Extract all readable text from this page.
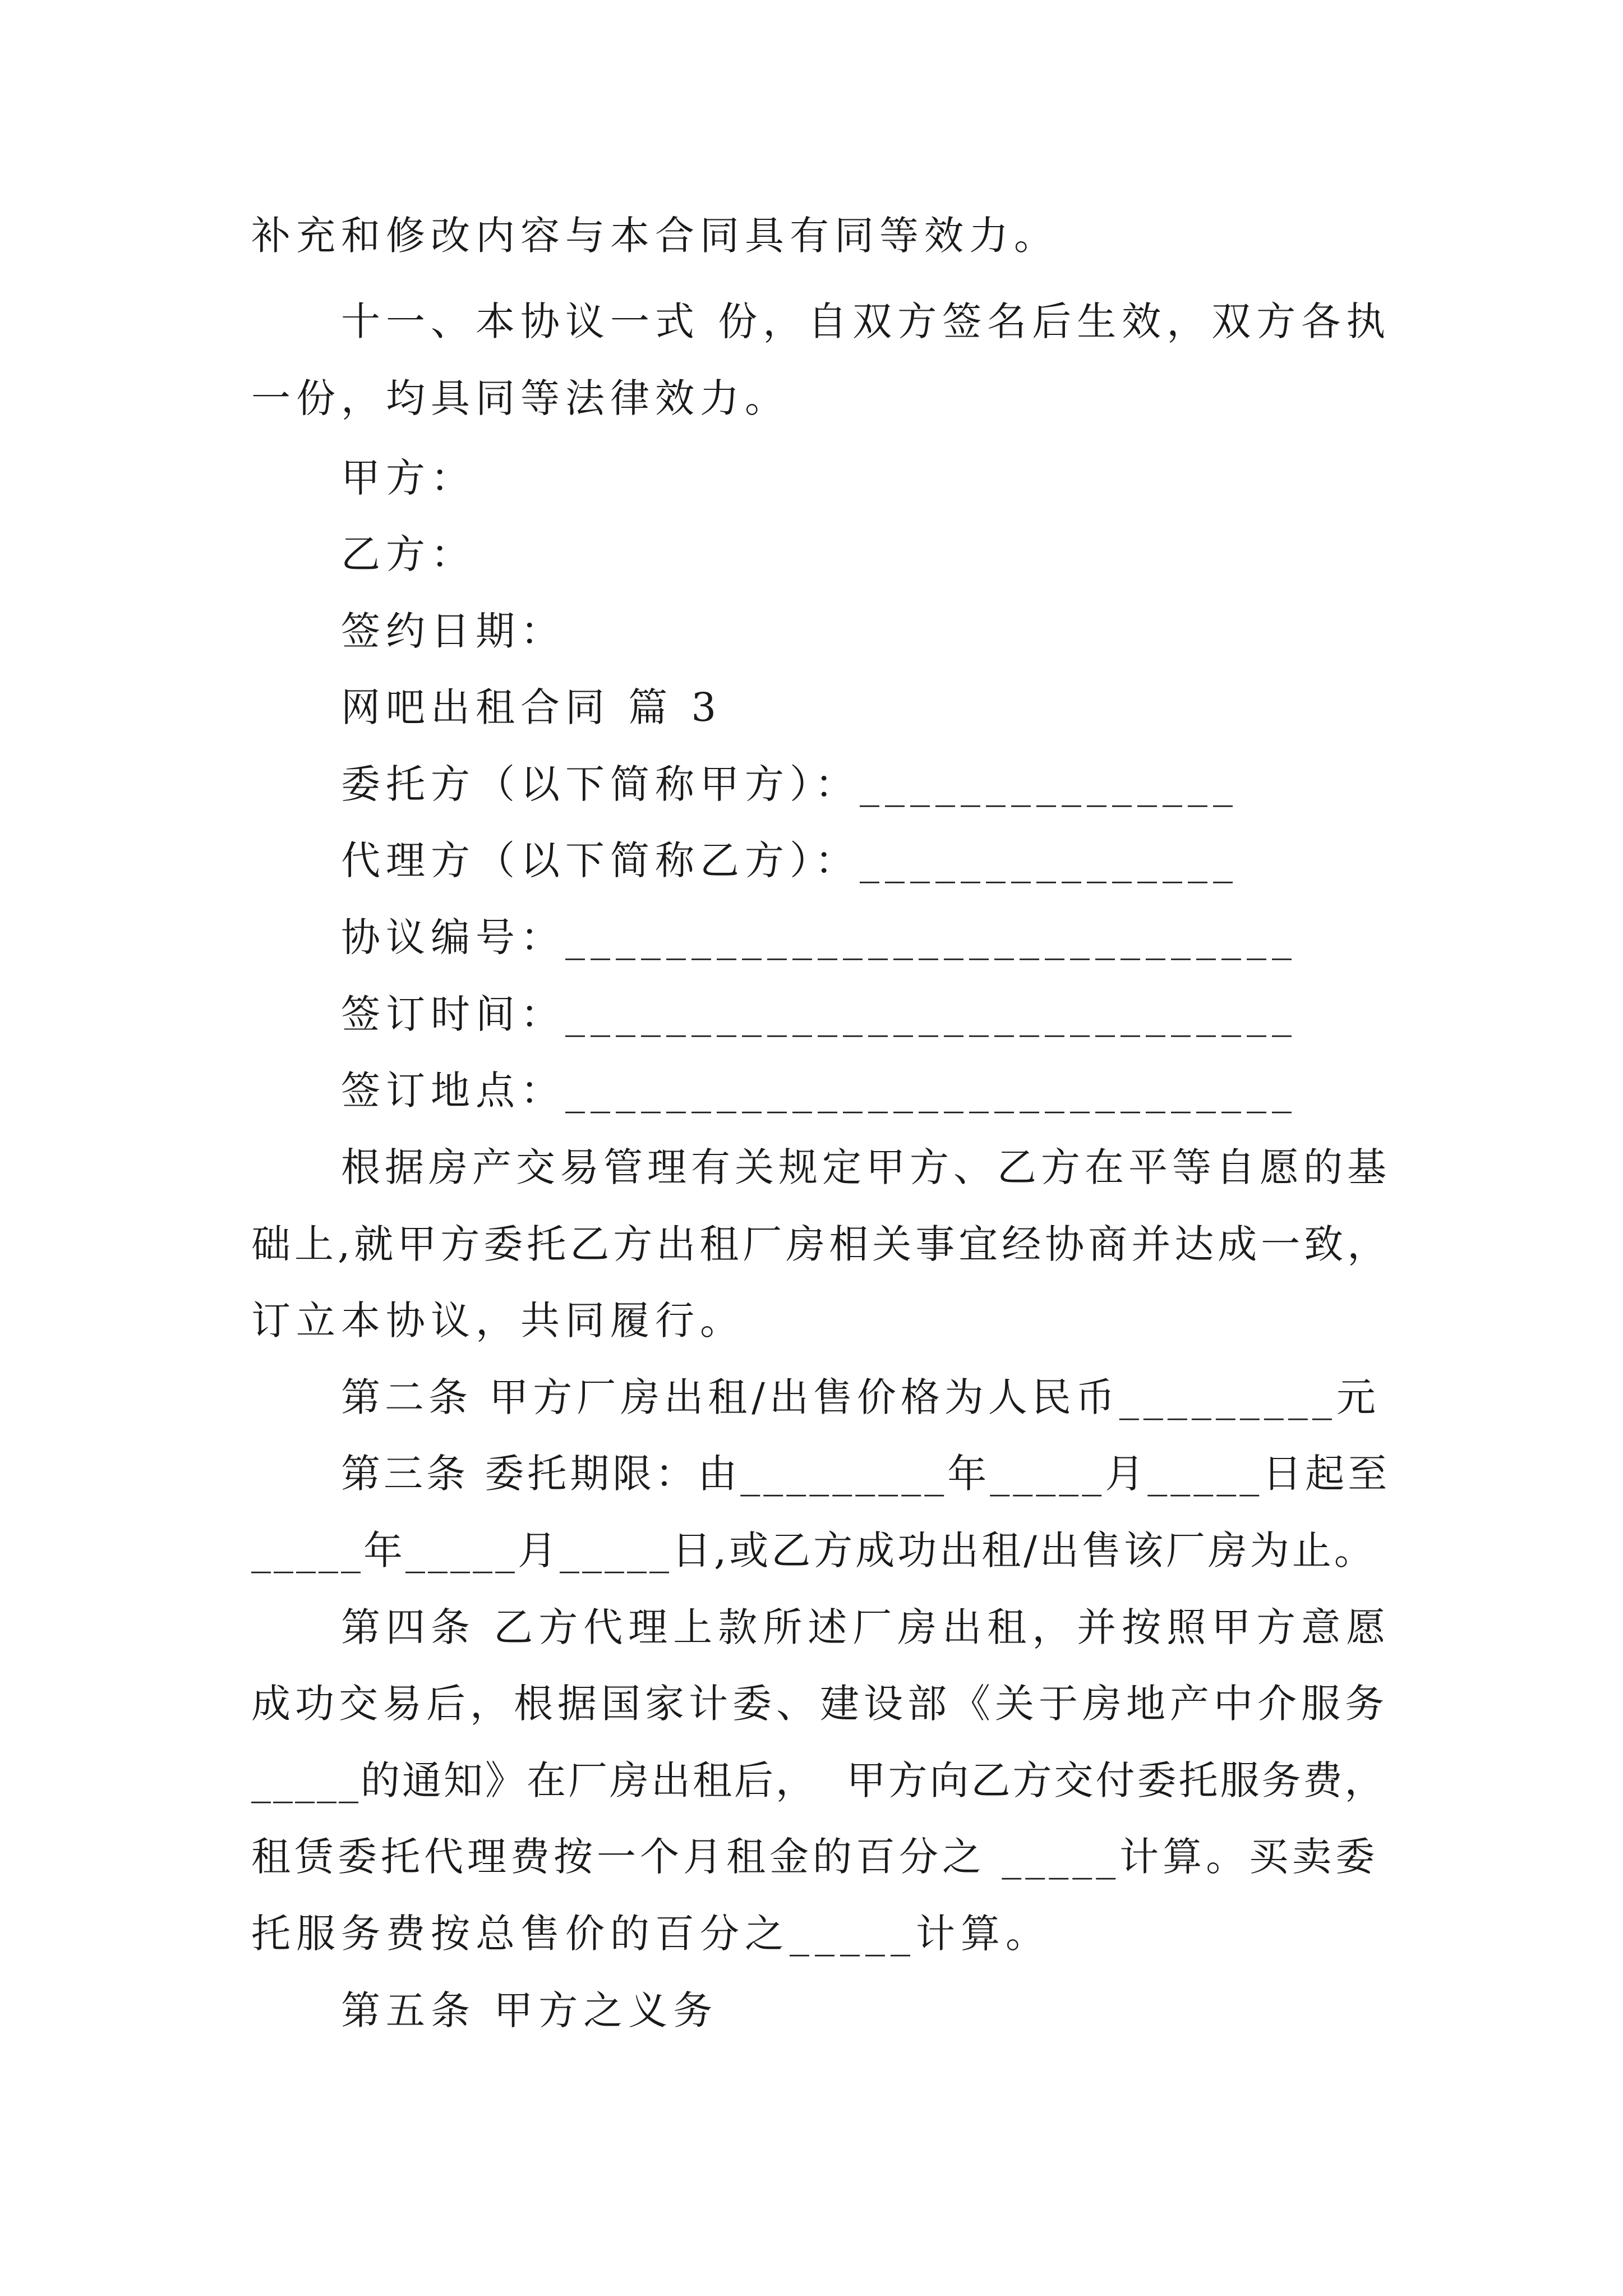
补充和修改内容与本合同具有同等效力。
十一、本协议一式 份，自双方签名后生效，双方各执
一份，均具同等法律效力。
甲方：
乙方：
签约日期：
网吧出租合同 篇 3
委托方（以下简称甲方）：_______________
代理方（以下简称乙方）：_______________
协议编号：_____________________________
签订时间：_____________________________
签订地点：_____________________________
根据房产交易管理有关规定甲方、乙方在平等自愿的基
础上,就甲方委托乙方出租厂房相关事宜经协商并达成一致，
订立本协议，共同履行。
第二条 甲方厂房出租/出售价格为人民币_________元
第三条 委托期限：由_________年_____月_____日起至
_____年_____月_____日,或乙方成功出租/出售该厂房为止。
第四条 乙方代理上款所述厂房出租，并按照甲方意愿
成功交易后，根据国家计委、建设部《关于房地产中介服务
_____的通知》在厂房出租后，  甲方向乙方交付委托服务费，
租赁委托代理费按一个月租金的百分之 _____计算。买卖委
托服务费按总售价的百分之_____计算。
第五条 甲方之义务
